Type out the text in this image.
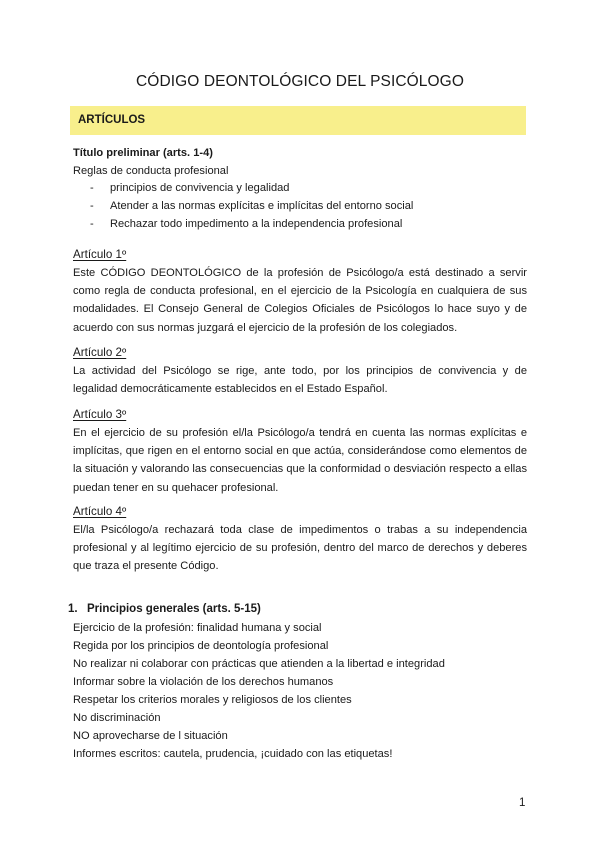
CÓDIGO DEONTOLÓGICO DEL PSICÓLOGO
ARTÍCULOS
Título preliminar (arts. 1-4)
Reglas de conducta profesional
- principios de convivencia y legalidad
- Atender a las normas explícitas e implícitas del entorno social
- Rechazar todo impedimento a la independencia profesional
Artículo 1º
Este CÓDIGO DEONTOLÓGICO de la profesión de Psicólogo/a está destinado a servir como regla de conducta profesional, en el ejercicio de la Psicología en cualquiera de sus modalidades. El Consejo General de Colegios Oficiales de Psicólogos lo hace suyo y de acuerdo con sus normas juzgará el ejercicio de la profesión de los colegiados.
Artículo 2º
La actividad del Psicólogo se rige, ante todo, por los principios de convivencia y de legalidad democráticamente establecidos en el Estado Español.
Artículo 3º
En el ejercicio de su profesión el/la Psicólogo/a tendrá en cuenta las normas explícitas e implícitas, que rigen en el entorno social en que actúa, considerándose como elementos de la situación y valorando las consecuencias que la conformidad o desviación respecto a ellas puedan tener en su quehacer profesional.
Artículo 4º
El/la Psicólogo/a rechazará toda clase de impedimentos o trabas a su independencia profesional y al legítimo ejercicio de su profesión, dentro del marco de derechos y deberes que traza el presente Código.
1. Principios generales (arts. 5-15)
Ejercicio de la profesión: finalidad humana y social
Regida por los principios de deontología profesional
No realizar ni colaborar con prácticas que atienden a la libertad e integridad
Informar sobre la violación de los derechos humanos
Respetar los criterios morales y religiosos de los clientes
No discriminación
NO aprovecharse de l situación
Informes escritos: cautela, prudencia, ¡cuidado con las etiquetas!
1
